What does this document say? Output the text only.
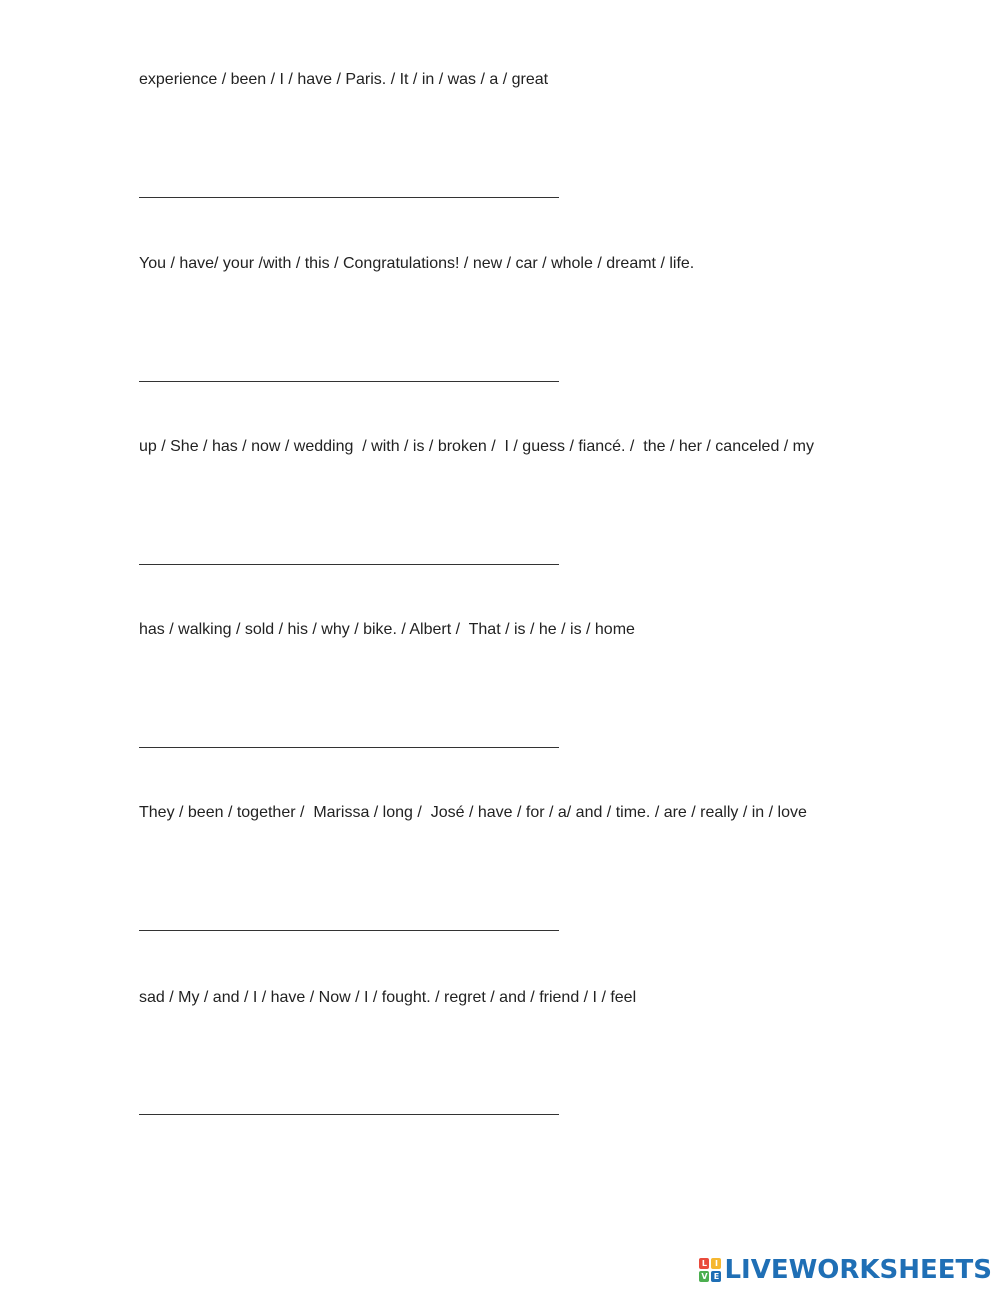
experience / been / I / have / Paris. / It / in / was / a / great
You / have/ your /with / this / Congratulations! / new / car / whole / dreamt / life.
up / She / has / now / wedding  / with / is / broken /  I / guess / fiancé. /  the / her / canceled / my
has / walking / sold / his / why / bike. / Albert /  That / is / he / is / home
They / been / together /  Marissa / long /  José / have / for / a/ and / time. / are / really / in / love
sad / My / and / I / have / Now / I / fought. / regret / and / friend / I / feel
L I
V E LIVEWORKSHEETS
